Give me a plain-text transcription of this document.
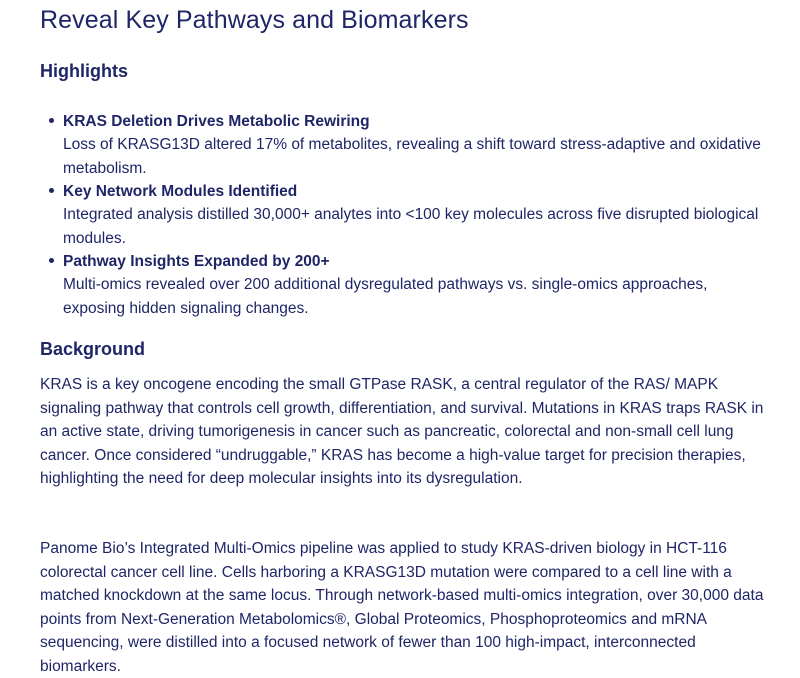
Reveal Key Pathways and Biomarkers
Highlights
KRAS Deletion Drives Metabolic Rewiring
Loss of KRASG13D altered 17% of metabolites, revealing a shift toward stress-adaptive and oxidative metabolism.
Key Network Modules Identified
Integrated analysis distilled 30,000+ analytes into <100 key molecules across five disrupted biological modules.
Pathway Insights Expanded by 200+
Multi-omics revealed over 200 additional dysregulated pathways vs. single-omics approaches, exposing hidden signaling changes.
Background

KRAS is a key oncogene encoding the small GTPase RASK, a central regulator of the RAS/ MAPK signaling pathway that controls cell growth, differentiation, and survival. Mutations in KRAS traps RASK in an active state, driving tumorigenesis in cancer such as pancreatic, colorectal and non-small cell lung cancer. Once considered “undruggable,” KRAS has become a high-value target for precision therapies, highlighting the need for deep molecular insights into its dysregulation.

Panome Bio’s Integrated Multi-Omics pipeline was applied to study KRAS-driven biology in HCT-116 colorectal cancer cell line. Cells harboring a KRASG13D mutation were compared to a cell line with a matched knockdown at the same locus. Through network-based multi-omics integration, over 30,000 data points from Next-Generation Metabolomics®, Global Proteomics, Phosphoproteomics and mRNA sequencing, were distilled into a focused network of fewer than 100 high-impact, interconnected biomarkers.
